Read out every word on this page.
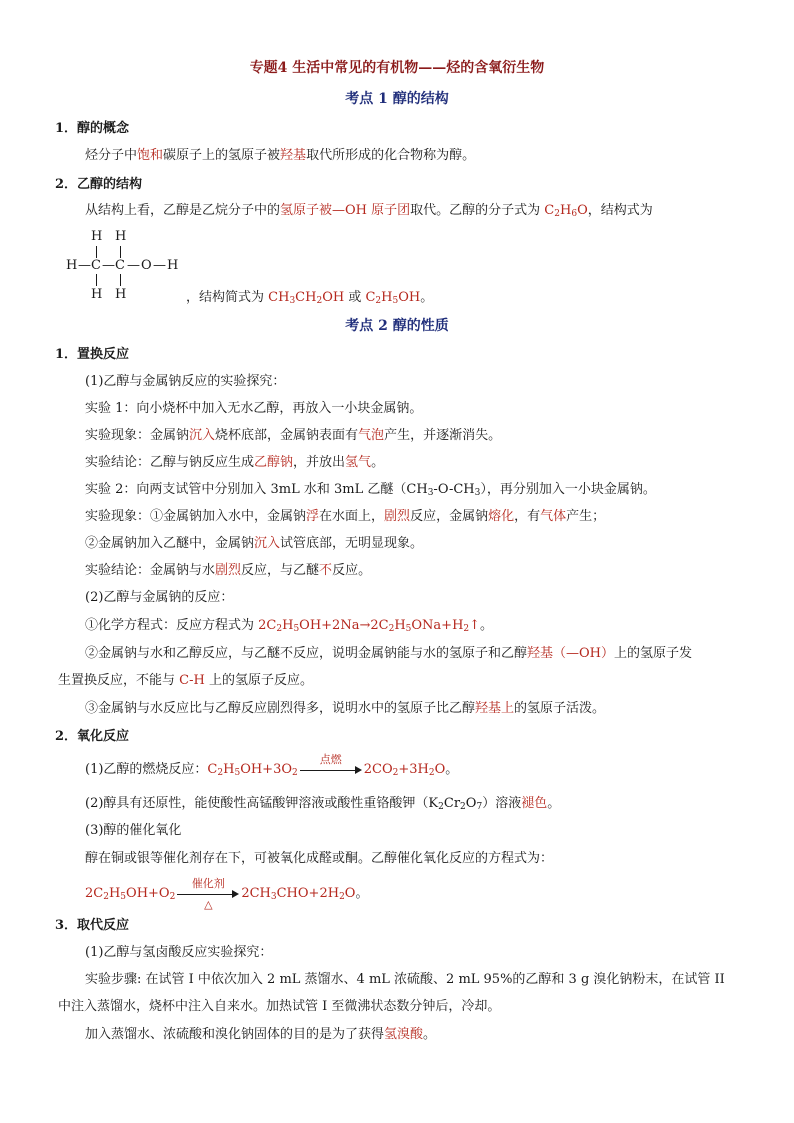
专题4 生活中常见的有机物——烃的含氧衍生物
考点 1 醇的结构
1．醇的概念
烃分子中饱和碳原子上的氢原子被羟基取代所形成的化合物称为醇。
2．乙醇的结构
从结构上看，乙醇是乙烷分子中的氢原子被—OH 原子团取代。乙醇的分子式为 $C_2H_6O$，结构式为
H H
H — C — C — O — H
H H	，结构简式为 $CH_3CH_2OH$ 或 $C_2H_5OH$。
考点 2 醇的性质
1．置换反应
(1)乙醇与金属钠反应的实验探究：
实验 1：向小烧杯中加入无水乙醇，再放入一小块金属钠。
实验现象：金属钠沉入烧杯底部，金属钠表面有气泡产生，并逐渐消失。
实验结论：乙醇与钠反应生成乙醇钠，并放出氢气。
实验 2：向两支试管中分别加入 3mL 水和 3mL 乙醚$(CH_3-O-CH_3)$，再分别加入一小块金属钠。
实验现象：①金属钠加入水中，金属钠浮在水面上，剧烈反应，金属钠熔化，有气体产生；
②金属钠加入乙醚中，金属钠沉入试管底部，无明显现象。
实验结论：金属钠与水剧烈反应，与乙醚不反应。
(2)乙醇与金属钠的反应：
①化学方程式：反应方程式为 $2C_2H_5OH+2Na\to 2C_2H_5ONa+H_2↑$。
②金属钠与水和乙醇反应，与乙醚不反应，说明金属钠能与水的氢原子和乙醇羟基（—OH）上的氢原子发
生置换反应，不能与 C-H 上的氢原子反应。
③金属钠与水反应比与乙醇反应剧烈得多，说明水中的氢原子比乙醇羟基上的氢原子活泼。
2．氧化反应
(1)乙醇的燃烧反应：$C_2H_5OH+3O_2$
点燃
$2CO_2+3H_2O$。
(2)醇具有还原性，能使酸性高锰酸钾溶液或酸性重铬酸钾$(K_2Cr_2O_7)$溶液褪色。
(3)醇的催化氧化
醇在铜或银等催化剂存在下，可被氧化成醛或酮。乙醇催化氧化反应的方程式为：
$2C_2H_5OH+O_2$
催化剂
△
$2CH_3CHO+2H_2O$。
3．取代反应
(1)乙醇与氢卤酸反应实验探究：
实验步骤: 在试管 I 中依次加入 2 mL 蒸馏水、4 mL 浓硫酸、2 mL 95%的乙醇和 3 g 溴化钠粉末，在试管 II
中注入蒸馏水，烧杯中注入自来水。加热试管 I 至微沸状态数分钟后，冷却。
加入蒸馏水、浓硫酸和溴化钠固体的目的是为了获得氢溴酸。
